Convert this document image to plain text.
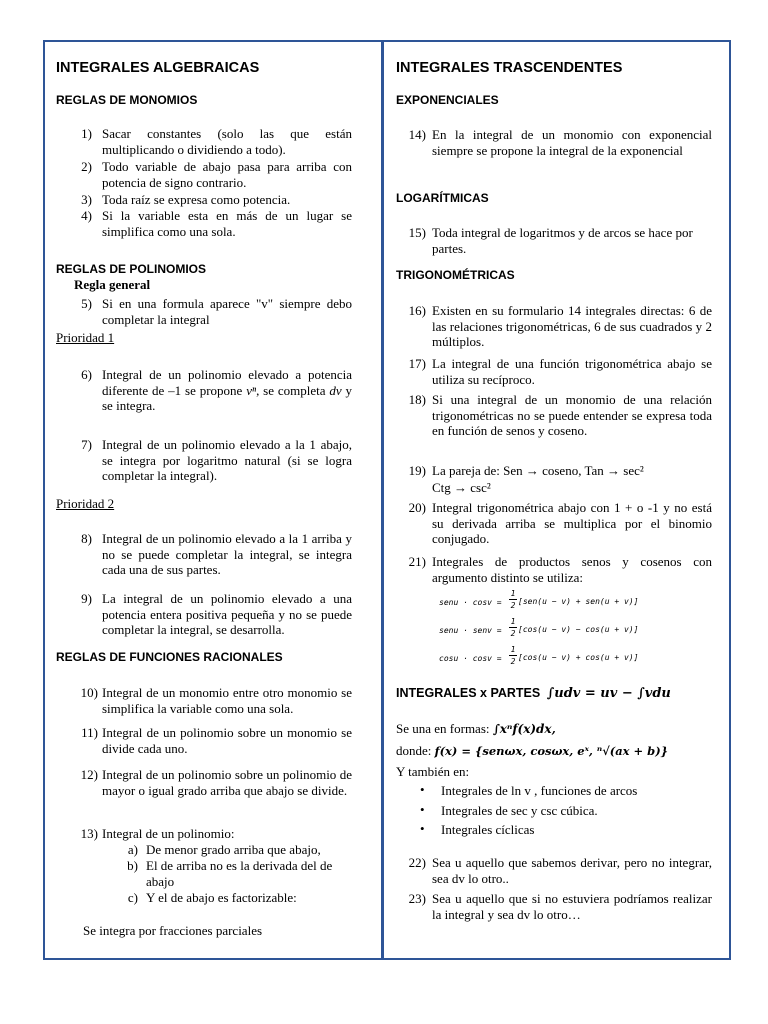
INTEGRALES ALGEBRAICAS
REGLAS DE MONOMIOS
1) Sacar constantes (solo las que están multiplicando o dividiendo a todo).
2) Todo variable de abajo pasa para arriba con potencia de signo contrario.
3) Toda raíz se expresa como potencia.
4) Si la variable esta en más de un lugar se simplifica como una sola.
REGLAS DE POLINOMIOS
Regla general
5) Si en una formula aparece "v" siempre debo completar la integral
Prioridad 1
6) Integral de un polinomio elevado a potencia diferente de –1 se propone vⁿ, se completa dv y se integra.
7) Integral de un polinomio elevado a la 1 abajo, se integra por logaritmo natural (si se logra completar la integral).
Prioridad 2
8) Integral de un polinomio elevado a la 1 arriba y no se puede completar la integral, se integra cada una de sus partes.
9) La integral de un polinomio elevado a una potencia entera positiva pequeña y no se puede completar la integral, se desarrolla.
REGLAS DE FUNCIONES RACIONALES
10) Integral de un monomio entre otro monomio se simplifica la variable como una sola.
11) Integral de un polinomio sobre un monomio se divide cada uno.
12) Integral de un polinomio sobre un polinomio de mayor o igual grado arriba que abajo se divide.
13) Integral de un polinomio:
a) De menor grado arriba que abajo,
b) El de arriba no es la derivada del de abajo
c) Y el de abajo es factorizable:
Se integra por fracciones parciales
INTEGRALES TRASCENDENTES
EXPONENCIALES
14) En la integral de un monomio con exponencial siempre se propone la integral de la exponencial
LOGARÍTMICAS
15) Toda integral de logaritmos y de arcos se hace por partes.
TRIGONOMÉTRICAS
16) Existen en su formulario 14 integrales directas: 6 de las relaciones trigonométricas, 6 de sus cuadrados y 2 múltiplos.
17) La integral de una función trigonométrica abajo se utiliza su recíproco.
18) Si una integral de un monomio de una relación trigonométricas no se puede entender se expresa toda en función de senos y coseno.
19) La pareja de: Sen → coseno, Tan → sec²
Ctg → csc²
20) Integral trigonométrica abajo con 1 + o -1 y no está su derivada arriba se multiplica por el binomio conjugado.
21) Integrales de productos senos y cosenos con argumento distinto se utiliza:
senu · cosv =
1
2 [sen(u − v) + sen(u + v)]
senu · senv =
1
2 [cos(u − v) − cos(u + v)]
cosu · cosv =
1
2 [cos(u − v) + cos(u + v)]
INTEGRALES x PARTES ∫udv = uv − ∫vdu
Se una en formas: ∫xⁿf(x)dx,
donde: f(x) = {senωx, cosωx, eˣ, ⁿ√(ax + b)}
Y también en:
• Integrales de ln v , funciones de arcos
• Integrales de sec y csc cúbica.
• Integrales cíclicas
22) Sea u aquello que sabemos derivar, pero no integrar, sea dv lo otro..
23) Sea u aquello que si no estuviera podríamos realizar la integral y sea dv lo otro…
